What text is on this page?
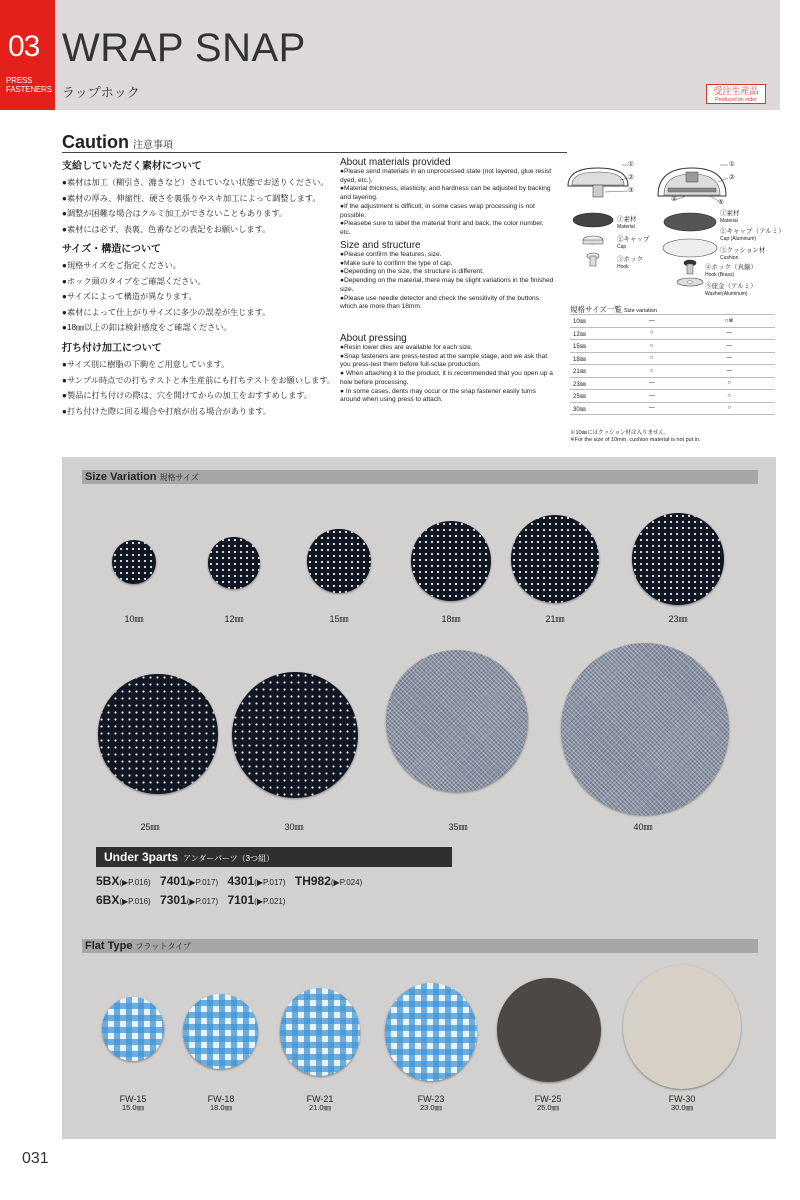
03
PRESS
FASTENERS
WRAP SNAP
ラップホック	受注生産品
Produced on order
Caution 注意事項
支給していただく素材について
●素材は加工（糊引き、漉きなど）されていない状態でお送りください。
●素材の厚み、伸縮性、硬さを裏張りやスキ加工によって調整します。
●調整が困難な場合はクルミ加工ができないこともあります。
●素材には必ず、表裏、色番などの表記をお願いします。
サイズ・構造について
●規格サイズをご指定ください。
●ホック頭のタイプをご確認ください。
●サイズによって構造が異なります。
●素材によって仕上がりサイズに多少の誤差が生じます。
●18㎜以上の釦は検針感度をご確認ください。
打ち付け加工について
●サイズ別に樹脂の下駒をご用意しています。
●サンプル時点での打ちテストと本生産前にも打ちテストをお願いします。
●製品に打ち付けの際は、穴を開けてからの加工をおすすめします。
●打ち付けた際に回る場合や打痕が出る場合があります。
About materials provided
●Please send materials in an unprocessed state (not layered, glue resist dyed, etc.).
●Material thickness, elasticity, and hardness can be adjusted by backing and layering.
●If the adjustment is difficult, in some cases wrap processing is not possible.
●Pleasebe sure to label the material front and back, the color number, etc.
Size and structure
●Please confirm the features, size.
●Make sure to confirm the type of cap.
●Depending on the size, the structure is different.
●Depending on the material, there may be slight variations in the finished size.
●Please use needle detector and check the sensitivity of the buttons which are more than 18mm.
About pressing
●Resin lower dies are available for each size.
●Snap fasteners are press-tested at the sample stage, and we ask that you press-test them before full-sclae production.
● When attaching it to the product, it is recommended that you open up a hole before processing.
● In some cases, dents may occur or the snap fastener easliy turns around when using press to attach.
①
②
③
①
②
④	⑤
①素材
Material
②キャップ
Cap
③ホック
Hook
①素材
Material
②キャップ（アルミ）
Cap (Aluminum)
③クッション材
Cushion
④ホック（真鍮）
Hook (Brass)
⑤座金（アルミ）
Washer(Aluminum)
規格サイズ一覧 Size variation
10㎜	—	○※
12㎜	○	—
15㎜	○	—
18㎜	○	—
21㎜	○	—
23㎜	—	○
25㎜	—	○
30㎜	—	○
※10㎜にはクッション材は入りません。
※For the size of 10mm, cushion material is not put in.
Size Variation 規格サイズ
10㎜	12㎜	15㎜	18㎜	21㎜	23㎜
25㎜	30㎜	35㎜	40㎜
Under 3parts アンダーパーツ（3つ組）
5BX(▶P.016) 7401(▶P.017) 4301(▶P.017) TH982(▶P.024)
6BX(▶P.016) 7301(▶P.017) 7101(▶P.021)
Flat Type フラットタイプ
FW-15
15.0㎜
FW-18
18.0㎜
FW-21
21.0㎜
FW-23
23.0㎜
FW-25
25.0㎜
FW-30
30.0㎜
031
